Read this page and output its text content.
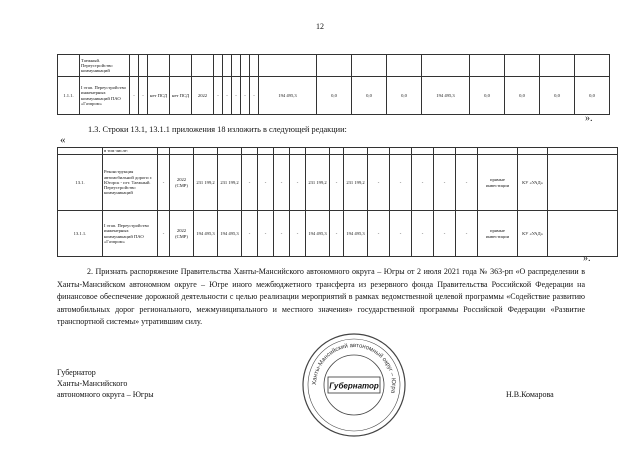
12
	Таежный. Переустройство коммуникаций																			
1.1.1.	I этап. Переустройство инженерных коммуникаций ПАО «Газпром»	-	-	нет ПСД	нет ПСД	2022	-	-	-	-	-	194 495,3	0,0	0,0	0,0	194 495,3	0,0	0,0	0,0	0,0
».
1.3. Строки 13.1, 13.1.1 приложения 18 изложить в следующей редакции:
«
	в том числе:																			
13.1.	Реконструкция автомобильной дороги г. Югорск - пгт. Таежный. Переустройство коммуникаций	-	2022 (СМР)	231 199,2	231 199,2	-	-	-	-	231 199,2	-	231 199,2	-	-	-	-	-	прямые инвестиции	КУ «УАД»	
13.1.1.	I этап. Переустройство инженерных коммуникаций ПАО «Газпром»	-	2022 (СМР)	194 495,3	194 495,3	-	-	-	-	194 495,3	-	194 495,3	-	-	-	-	-	прямые инвестиции	КУ «УАД»	
».
2. Признать распоряжение Правительства Ханты-Мансийского автономного округа – Югры от 2 июля 2021 года № 363-рп «О распределении в Ханты-Мансийском автономном округе – Югре иного межбюджетного трансферта из резервного фонда Правительства Российской Федерации на финансовое обеспечение дорожной деятельности с целью реализации мероприятий в рамках ведомственной целевой программы «Содействие развитию автомобильных дорог регионального, межмуниципального и местного значения» государственной программы Российской Федерации «Развитие транспортной системы» утратившим силу.
Губернатор
Ханты-Мансийского
автономного округа – Югры	Н.В.Комарова
Ханты-Мансийский автономный округ – Югра
Губернатор
